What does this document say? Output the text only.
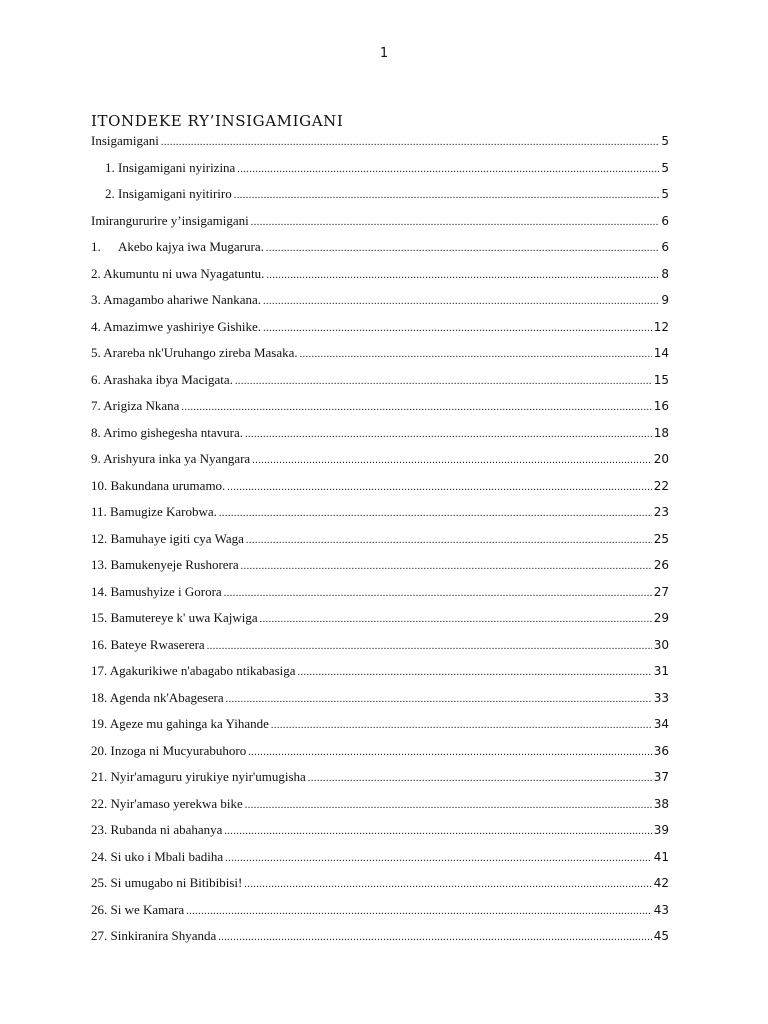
1
ITONDEKE RY’INSIGAMIGANI
Insigamigani .....	5
1. Insigamigani nyirizina .....	5
2. Insigamigani nyitiriro .....	5
Imirangururire y’insigamigani .....	6
1. Akebo kajya iwa Mugarura. .....	6
2. Akumuntu ni uwa Nyagatuntu. .....	8
3. Amagambo ahariwe Nankana. .....	9
4. Amazimwe yashiriye Gishike. .....	12
5. Arareba nk'Uruhango zireba Masaka. .....	14
6. Arashaka ibya Macigata. .....	15
7. Arigiza Nkana .....	16
8. Arimo gishegesha ntavura. .....	18
9. Arishyura inka ya Nyangara .....	20
10. Bakundana urumamo. .....	22
11. Bamugize Karobwa. .....	23
12. Bamuhaye igiti cya Waga .....	25
13. Bamukenyeje Rushorera .....	26
14. Bamushyize i Gorora .....	27
15. Bamutereye k' uwa Kajwiga .....	29
16. Bateye Rwaserera .....	30
17. Agakurikiwe n'abagabo ntikabasiga .....	31
18. Agenda nk'Abagesera .....	33
19. Ageze mu gahinga ka Yihande .....	34
20. Inzoga ni Mucyurabuhoro .....	36
21. Nyir'amaguru yirukiye nyir'umugisha .....	37
22. Nyir'amaso yerekwa bike .....	38
23. Rubanda ni abahanya .....	39
24. Si uko i Mbali badiha .....	41
25. Si umugabo ni Bitibibisi! .....	42
26. Si we Kamara .....	43
27. Sinkiranira Shyanda .....	45
